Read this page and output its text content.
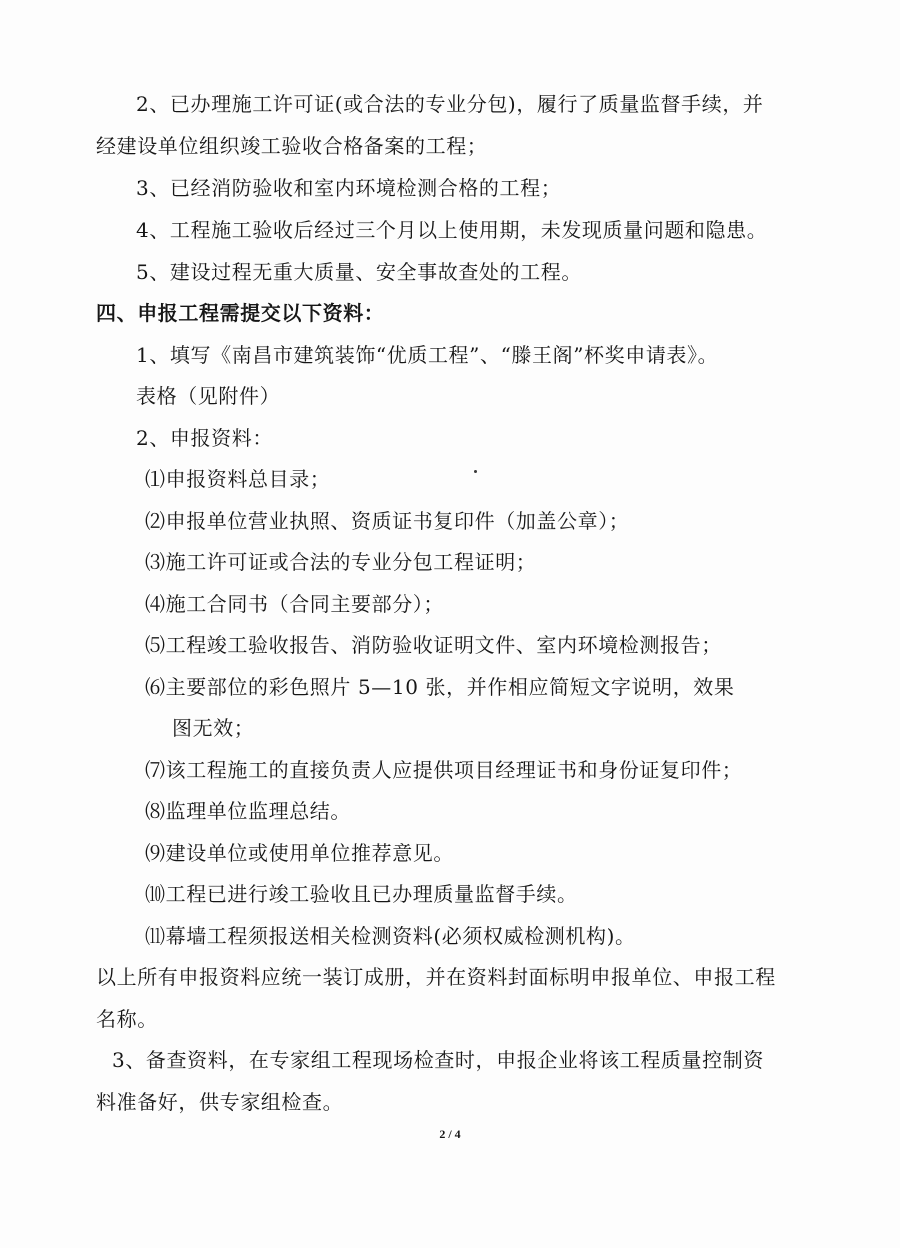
2、已办理施工许可证(或合法的专业分包)，履行了质量监督手续，并
经建设单位组织竣工验收合格备案的工程；
3、已经消防验收和室内环境检测合格的工程；
4、工程施工验收后经过三个月以上使用期，未发现质量问题和隐患。
5、建设过程无重大质量、安全事故查处的工程。
四、申报工程需提交以下资料：
1、填写《南昌市建筑装饰“优质工程”、“滕王阁”杯奖申请表》。
表格（见附件）
2、申报资料：
⑴申报资料总目录；
⑵申报单位营业执照、资质证书复印件（加盖公章）；
⑶施工许可证或合法的专业分包工程证明；
⑷施工合同书（合同主要部分）；
⑸工程竣工验收报告、消防验收证明文件、室内环境检测报告；
⑹主要部位的彩色照片 5—10 张，并作相应简短文字说明，效果
图无效；
⑺该工程施工的直接负责人应提供项目经理证书和身份证复印件；
⑻监理单位监理总结。
⑼建设单位或使用单位推荐意见。
⑽工程已进行竣工验收且已办理质量监督手续。
⑾幕墙工程须报送相关检测资料(必须权威检测机构)。
以上所有申报资料应统一装订成册，并在资料封面标明申报单位、申报工程
名称。
3、备查资料，在专家组工程现场检查时，申报企业将该工程质量控制资
料准备好，供专家组检查。
2 / 4
